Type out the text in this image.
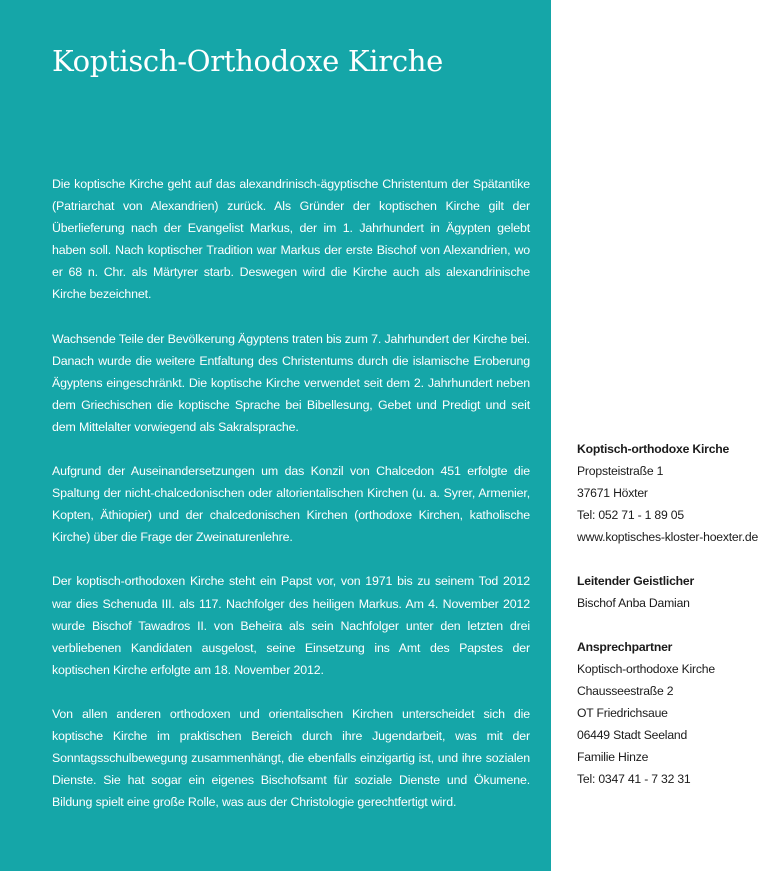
Koptisch-Orthodoxe Kirche

Die koptische Kirche geht auf das alexandrinisch-ägyptische Christentum der Spätantike (Patriarchat von Alexandrien) zurück. Als Gründer der koptischen Kirche gilt der Überlieferung nach der Evangelist Markus, der im 1. Jahrhundert in Ägypten gelebt haben soll. Nach koptischer Tradition war Markus der erste Bischof von Alexandrien, wo er 68 n. Chr. als Märtyrer starb. Deswegen wird die Kirche auch als alexandrinische Kirche bezeichnet.

Wachsende Teile der Bevölkerung Ägyptens traten bis zum 7. Jahrhundert der Kirche bei. Danach wurde die weitere Entfaltung des Christentums durch die islamische Eroberung Ägyptens eingeschränkt. Die koptische Kirche verwendet seit dem 2. Jahrhundert neben dem Griechischen die koptische Sprache bei Bibellesung, Gebet und Predigt und seit dem Mittelalter vorwiegend als Sakralsprache.

Aufgrund der Auseinandersetzungen um das Konzil von Chalcedon 451 erfolgte die Spaltung der nicht-chalcedonischen oder altorientalischen Kirchen (u. a. Syrer, Armenier, Kopten, Äthiopier) und der chalcedonischen Kirchen (orthodoxe Kirchen, katholische Kirche) über die Frage der Zweinaturenlehre.

Der koptisch-orthodoxen Kirche steht ein Papst vor, von 1971 bis zu seinem Tod 2012 war dies Schenuda III. als 117. Nachfolger des heiligen Markus. Am 4. November 2012 wurde Bischof Tawadros II. von Beheira als sein Nachfolger unter den letzten drei verbliebenen Kandidaten ausgelost, seine Einsetzung ins Amt des Papstes der koptischen Kirche erfolgte am 18. November 2012.

Von allen anderen orthodoxen und orientalischen Kirchen unterscheidet sich die koptische Kirche im praktischen Bereich durch ihre Jugendarbeit, was mit der Sonntagsschulbewegung zusammenhängt, die ebenfalls einzigartig ist, und ihre sozialen Dienste. Sie hat sogar ein eigenes Bischofsamt für soziale Dienste und Ökumene. Bildung spielt eine große Rolle, was aus der Christologie gerechtfertigt wird.

Koptisch-orthodoxe Kirche
Propsteistraße 1
37671 Höxter
Tel: 052 71 - 1 89 05
www.koptisches-kloster-hoexter.de
Leitender Geistlicher
Bischof Anba Damian
Ansprechpartner
Koptisch-orthodoxe Kirche
Chausseestraße 2
OT Friedrichsaue
06449 Stadt Seeland
Familie Hinze
Tel: 0347 41 - 7 32 31
